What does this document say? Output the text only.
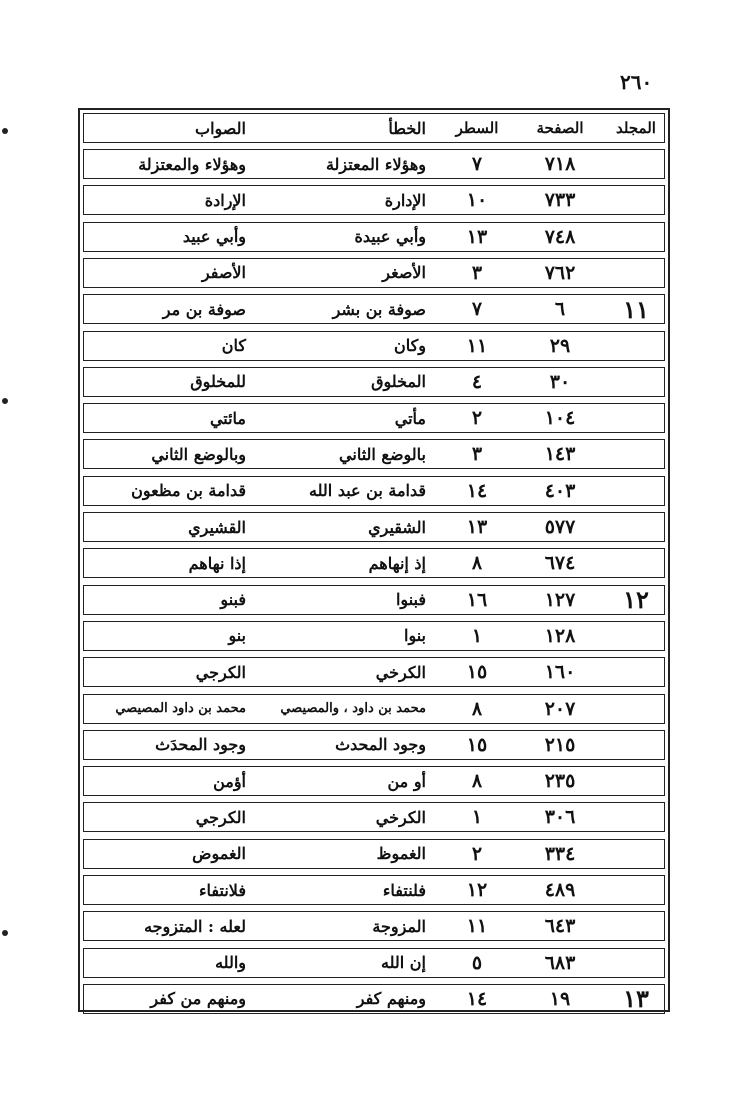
٢٦٠
المجلد
الصفحة
السطر
الخطأ
الصواب
٧١٨
٧
وهؤلاء المعتزلة
وهؤلاء والمعتزلة
٧٣٣
١٠
الإدارة
الإرادة
٧٤٨
١٣
وأبي عبيدة
وأبي عبيد
٧٦٢
٣
الأصغر
الأصفر
١١
٦
٧
صوفة بن بشر
صوفة بن مر
٢٩
١١
وكان
كان
٣٠
٤
المخلوق
للمخلوق
١٠٤
٢
مأتي
مائتي
١٤٣
٣
بالوضع الثاني
وبالوضع الثاني
٤٠٣
١٤
قدامة بن عبد الله
قدامة بن مظعون
٥٧٧
١٣
الشقيري
القشيري
٦٧٤
٨
إذ إنهاهم
إذا نهاهم
١٢
١٢٧
١٦
فبنوا
فبنو
١٢٨
١
بنوا
بنو
١٦٠
١٥
الكرخي
الكرجي
٢٠٧
٨
محمد بن داود ، والمصيصي
محمد بن داود المصيصي
٢١٥
١٥
وجود المحدث
وجود المحدَث
٢٣٥
٨
أو من
أؤمن
٣٠٦
١
الكرخي
الكرجي
٣٣٤
٢
الغموظ
الغموض
٤٨٩
١٢
فلنتفاء
فلانتفاء
٦٤٣
١١
المزوجة
لعله : المتزوجه
٦٨٣
٥
إن الله
والله
١٣
١٩
١٤
ومنهم كفر
ومنهم من كفر
